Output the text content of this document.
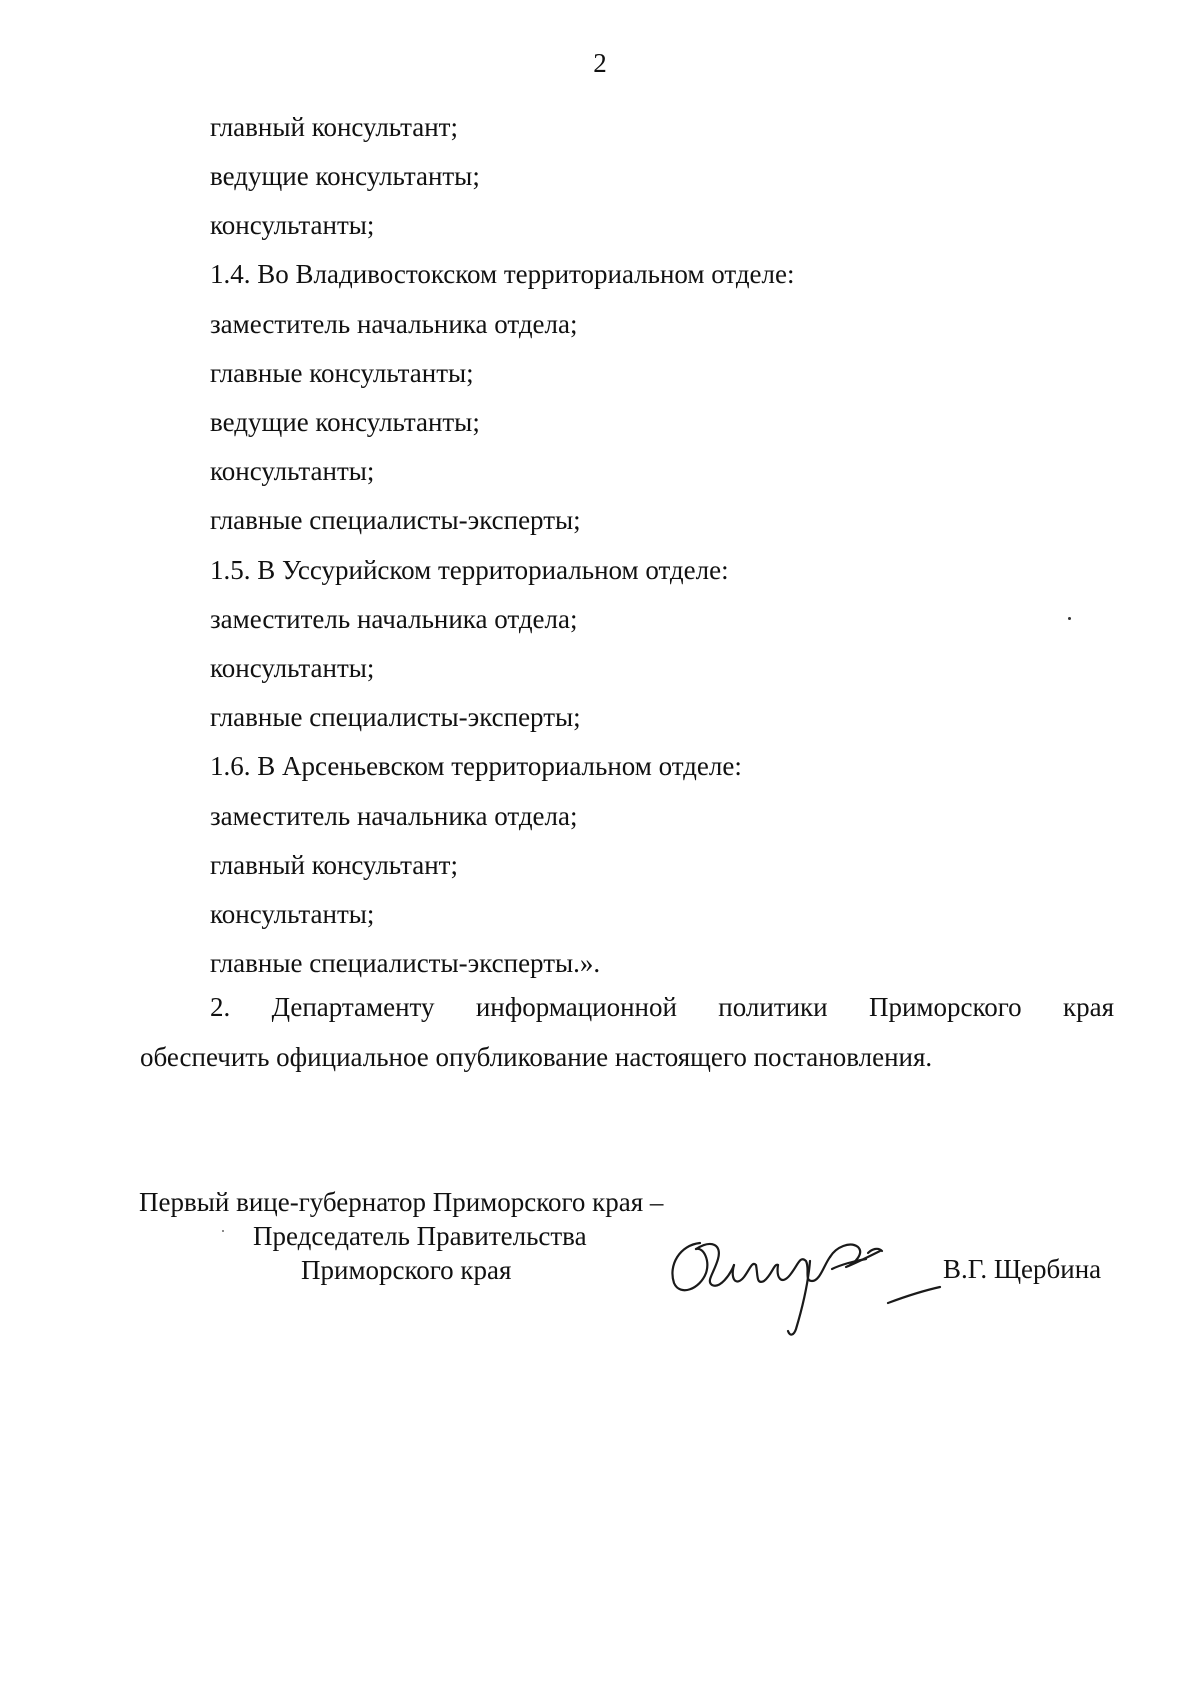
2
главный консультант;
ведущие консультанты;
консультанты;
1.4. Во Владивостокском территориальном отделе:
заместитель начальника отдела;
главные консультанты;
ведущие консультанты;
консультанты;
главные специалисты-эксперты;
1.5. В Уссурийском территориальном отделе:
заместитель начальника отдела;
консультанты;
главные специалисты-эксперты;
1.6. В Арсеньевском территориальном отделе:
заместитель начальника отдела;
главный консультант;
консультанты;
главные специалисты-эксперты.».
2. Департаменту информационной политики Приморского края
обеспечить официальное опубликование настоящего постановления.
Первый вице-губернатор Приморского края –
Председатель Правительства
Приморского края	В.Г. Щербина
